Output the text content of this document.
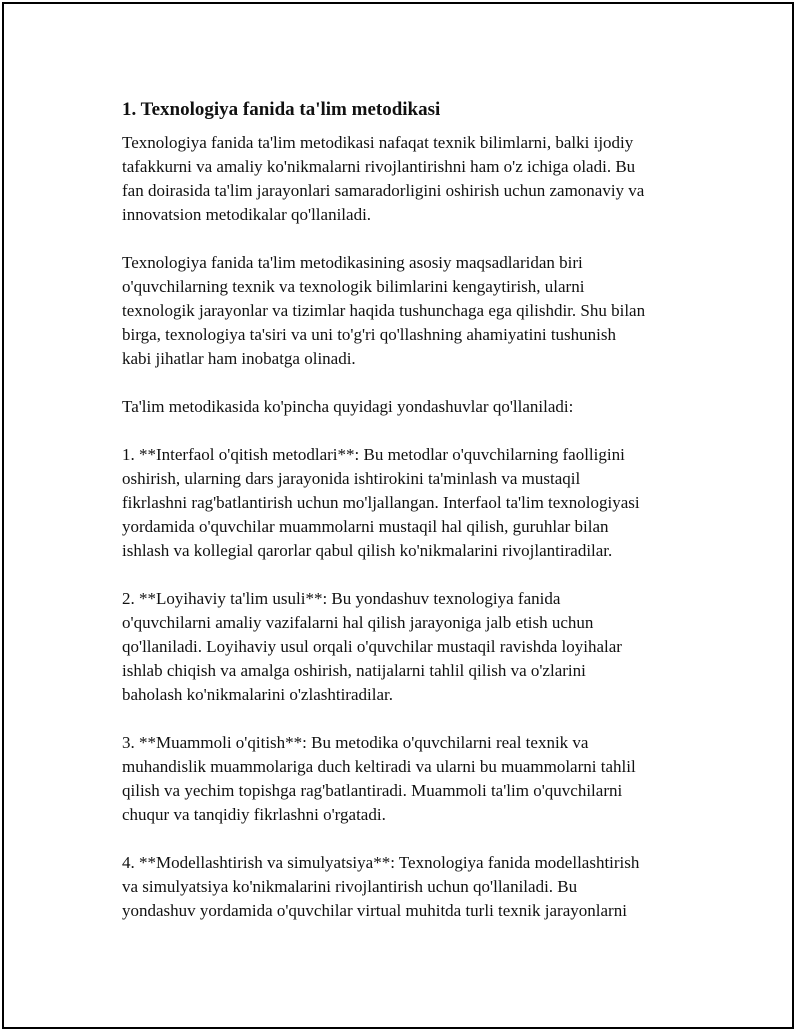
1. Texnologiya fanida ta'lim metodikasi

Texnologiya fanida ta'lim metodikasi nafaqat texnik bilimlarni, balki ijodiy
tafakkurni va amaliy ko'nikmalarni rivojlantirishni ham o'z ichiga oladi. Bu
fan doirasida ta'lim jarayonlari samaradorligini oshirish uchun zamonaviy va
innovatsion metodikalar qo'llaniladi.

Texnologiya fanida ta'lim metodikasining asosiy maqsadlaridan biri
o'quvchilarning texnik va texnologik bilimlarini kengaytirish, ularni
texnologik jarayonlar va tizimlar haqida tushunchaga ega qilishdir. Shu bilan
birga, texnologiya ta'siri va uni to'g'ri qo'llashning ahamiyatini tushunish
kabi jihatlar ham inobatga olinadi.

Ta'lim metodikasida ko'pincha quyidagi yondashuvlar qo'llaniladi:

1. **Interfaol o'qitish metodlari**: Bu metodlar o'quvchilarning faolligini
oshirish, ularning dars jarayonida ishtirokini ta'minlash va mustaqil
fikrlashni rag'batlantirish uchun mo'ljallangan. Interfaol ta'lim texnologiyasi
yordamida o'quvchilar muammolarni mustaqil hal qilish, guruhlar bilan
ishlash va kollegial qarorlar qabul qilish ko'nikmalarini rivojlantiradilar.

2. **Loyihaviy ta'lim usuli**: Bu yondashuv texnologiya fanida
o'quvchilarni amaliy vazifalarni hal qilish jarayoniga jalb etish uchun
qo'llaniladi. Loyihaviy usul orqali o'quvchilar mustaqil ravishda loyihalar
ishlab chiqish va amalga oshirish, natijalarni tahlil qilish va o'zlarini
baholash ko'nikmalarini o'zlashtiradilar.

3. **Muammoli o'qitish**: Bu metodika o'quvchilarni real texnik va
muhandislik muammolariga duch keltiradi va ularni bu muammolarni tahlil
qilish va yechim topishga rag'batlantiradi. Muammoli ta'lim o'quvchilarni
chuqur va tanqidiy fikrlashni o'rgatadi.

4. **Modellashtirish va simulyatsiya**: Texnologiya fanida modellashtirish
va simulyatsiya ko'nikmalarini rivojlantirish uchun qo'llaniladi. Bu
yondashuv yordamida o'quvchilar virtual muhitda turli texnik jarayonlarni
